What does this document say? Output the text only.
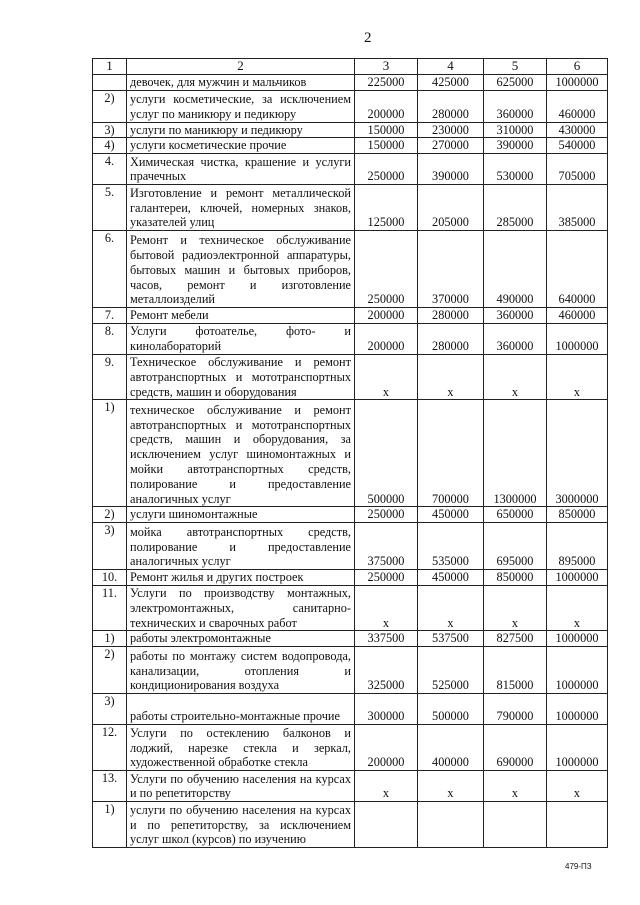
2
1	2	3	4	5	6
	девочек, для мужчин и мальчиков	225000	425000	625000	1000000
2)	услуги косметические, за исключением услуг по маникюру и педикюру	200000	280000	360000	460000
3)	услуги по маникюру и педикюру	150000	230000	310000	430000
4)	услуги косметические прочие	150000	270000	390000	540000
4.	Химическая чистка, крашение и услуги прачечных	250000	390000	530000	705000
5.	Изготовление и ремонт металлической галантереи, ключей, номерных знаков, указателей улиц	125000	205000	285000	385000
6.	Ремонт и техническое обслуживание бытовой радиоэлектронной аппаратуры, бытовых машин и бытовых приборов, часов, ремонт и изготовление металлоизделий	250000	370000	490000	640000
7.	Ремонт мебели	200000	280000	360000	460000
8.	Услуги фотоателье, фото- и кинолабораторий	200000	280000	360000	1000000
9.	Техническое обслуживание и ремонт автотранспортных и мототранспортных средств, машин и оборудования	x	x	x	x
1)	техническое обслуживание и ремонт автотранспортных и мототранспортных средств, машин и оборудования, за исключением услуг шиномонтажных и мойки автотранспортных средств, полирование и предоставление аналогичных услуг	500000	700000	1300000	3000000
2)	услуги шиномонтажные	250000	450000	650000	850000
3)	мойка автотранспортных средств, полирование и предоставление аналогичных услуг	375000	535000	695000	895000
10.	Ремонт жилья и других построек	250000	450000	850000	1000000
11.	Услуги по производству монтажных, электромонтажных, санитарно-технических и сварочных работ	x	x	x	x
1)	работы электромонтажные	337500	537500	827500	1000000
2)	работы по монтажу систем водопровода, канализации, отопления и кондиционирования воздуха	325000	525000	815000	1000000
3)	работы строительно-монтажные прочие	300000	500000	790000	1000000
12.	Услуги по остеклению балконов и лоджий, нарезке стекла и зеркал, художественной обработке стекла	200000	400000	690000	1000000
13.	Услуги по обучению населения на курсах и по репетиторству	x	x	x	x
1)	услуги по обучению населения на курсах и по репетиторству, за исключением услуг школ (курсов) по изучению				
479-ПЗ
